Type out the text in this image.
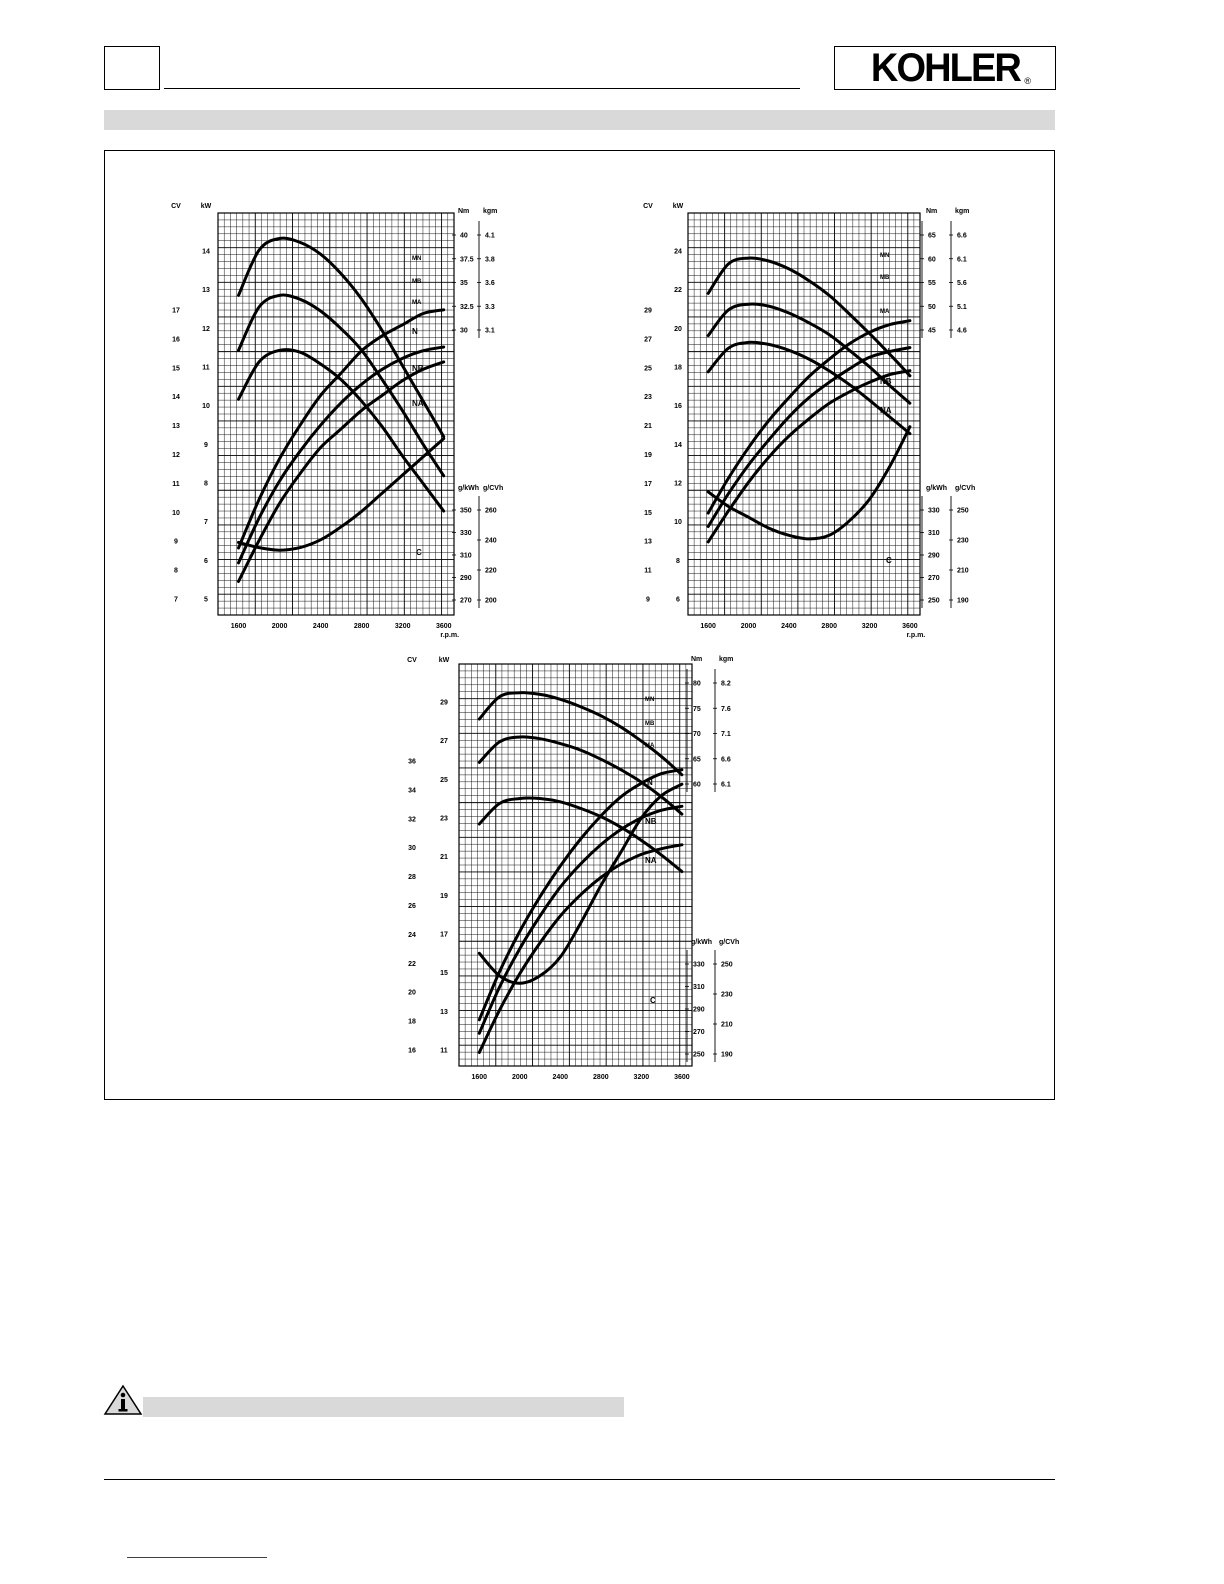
KOHLER ®
1600	2000	2400	2800	3200	3600
r.p.m.
CV
7
8
9
10
11
12
13
14
15
16
17
kW
5
6
7
8
9
10
11
12
13
14
Nm
30
32.5
35
37.5
40
kgm
3.1
3.3
3.6
3.8
4.1
g/kWh
270
290
310
330
350
g/CVh
200
220
240
260
MN
MB
MA
N
NB
NA
C
1600	2000	2400	2800	3200	3600
r.p.m.
CV
9
11
13
15
17
19
21
23
25
27
29
kW
6
8
10
12
14
16
18
20
22
24
Nm
45
50
55
60
65
kgm
4.6
5.1
5.6
6.1
6.6
g/kWh
250
270
290
310
330
g/CVh
190
210
230
250
MN
MB
MA
N
NB
NA
C
1600	2000	2400	2800	3200	3600
CV
16
18
20
22
24
26
28
30
32
34
36
kW
11
13
15
17
19
21
23
25
27
29
Nm
60
65
70
75
80
kgm
6.1
6.6
7.1
7.6
8.2
g/kWh
250
270
290
310
330
g/CVh
190
210
230
250
MN
MB
MA
N
NB
NA
C
